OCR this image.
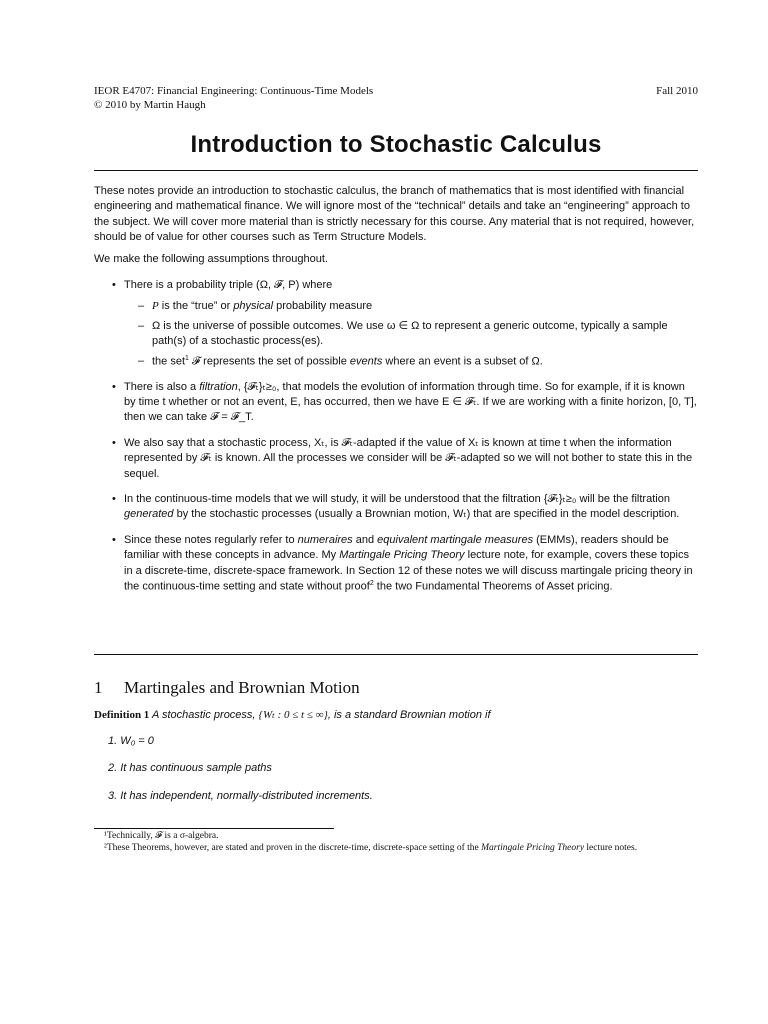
IEOR E4707: Financial Engineering: Continuous-Time Models
© 2010 by Martin Haugh
Fall 2010
Introduction to Stochastic Calculus

These notes provide an introduction to stochastic calculus, the branch of mathematics that is most identified with financial engineering and mathematical finance. We will ignore most of the “technical” details and take an “engineering” approach to the subject. We will cover more material than is strictly necessary for this course. Any material that is not required, however, should be of value for other courses such as Term Structure Models.

We make the following assumptions throughout.

• There is a probability triple (Ω, 𝓕, P) where
– P is the “true” or physical probability measure
– Ω is the universe of possible outcomes. We use ω ∈ Ω to represent a generic outcome, typically a sample path(s) of a stochastic process(es).
– the set$^1$ 𝓕 represents the set of possible events where an event is a subset of Ω.
• There is also a filtration, {𝓕ₜ}ₜ≥₀, that models the evolution of information through time. So for example, if it is known by time t whether or not an event, E, has occurred, then we have E ∈ 𝓕ₜ. If we are working with a finite horizon, [0, T], then we can take 𝓕 = 𝓕_T.
• We also say that a stochastic process, Xₜ, is 𝓕ₜ-adapted if the value of Xₜ is known at time t when the information represented by 𝓕ₜ is known. All the processes we consider will be 𝓕ₜ-adapted so we will not bother to state this in the sequel.
• In the continuous-time models that we will study, it will be understood that the filtration {𝓕ₜ}ₜ≥₀ will be the filtration generated by the stochastic processes (usually a Brownian motion, Wₜ) that are specified in the model description.
• Since these notes regularly refer to numeraires and equivalent martingale measures (EMMs), readers should be familiar with these concepts in advance. My Martingale Pricing Theory lecture note, for example, covers these topics in a discrete-time, discrete-space framework. In Section 12 of these notes we will discuss martingale pricing theory in the continuous-time setting and state without proof$^2$ the two Fundamental Theorems of Asset pricing.
1 Martingales and Brownian Motion
Definition 1 A stochastic process, {Wₜ : 0 ≤ t ≤ ∞}, is a standard Brownian motion if
1. W₀ = 0
2. It has continuous sample paths
3. It has independent, normally-distributed increments.

¹Technically, 𝓕 is a σ-algebra.

²These Theorems, however, are stated and proven in the discrete-time, discrete-space setting of the Martingale Pricing Theory lecture notes.
